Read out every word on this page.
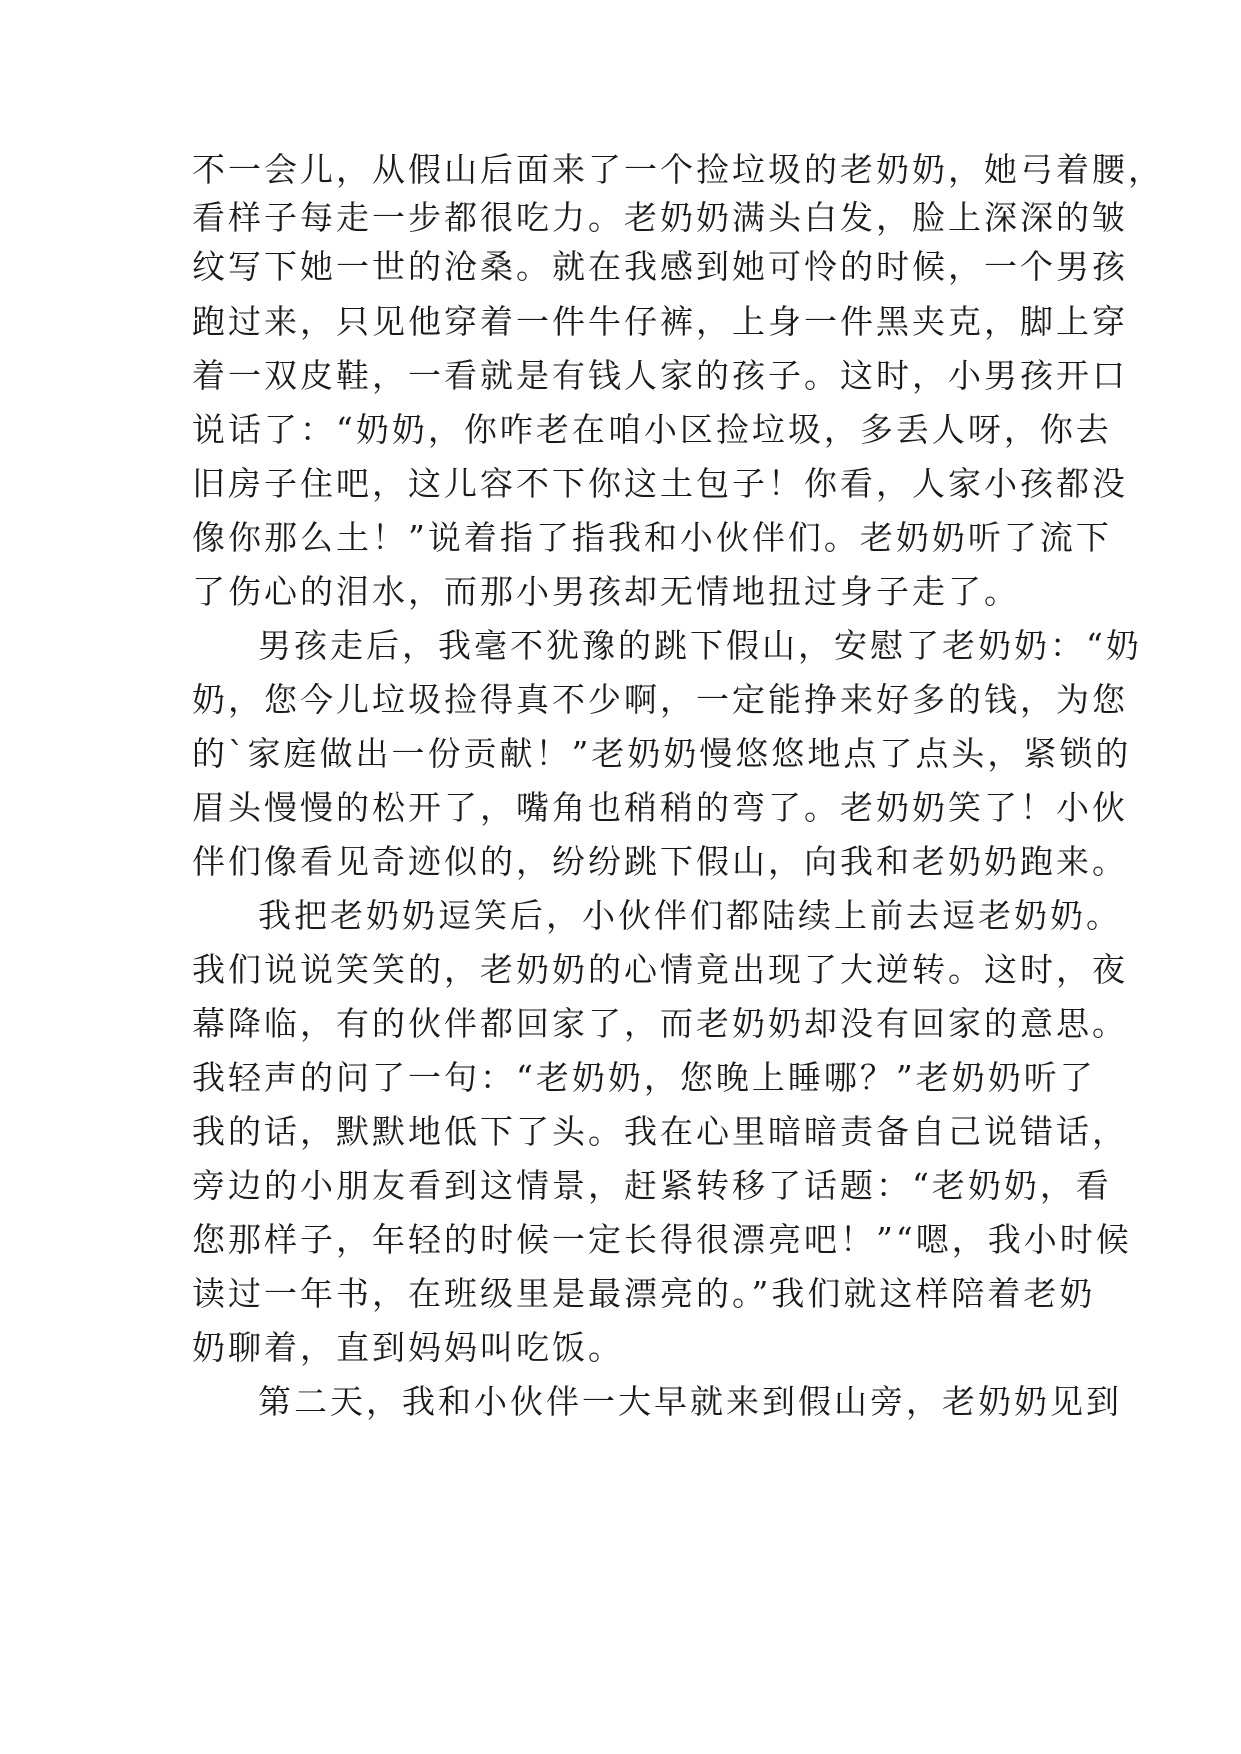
不一会儿，从假山后面来了一个捡垃圾的老奶奶，她弓着腰，
看样子每走一步都很吃力。老奶奶满头白发，脸上深深的皱
纹写下她一世的沧桑。就在我感到她可怜的时候，一个男孩
跑过来，只见他穿着一件牛仔裤，上身一件黑夹克，脚上穿
着一双皮鞋，一看就是有钱人家的孩子。这时，小男孩开口
说话了：“奶奶，你咋老在咱小区捡垃圾，多丢人呀，你去
旧房子住吧，这儿容不下你这土包子！你看，人家小孩都没
像你那么土！”说着指了指我和小伙伴们。老奶奶听了流下
了伤心的泪水，而那小男孩却无情地扭过身子走了。
男孩走后，我毫不犹豫的跳下假山，安慰了老奶奶：“奶
奶，您今儿垃圾捡得真不少啊，一定能挣来好多的钱，为您
的`家庭做出一份贡献！”老奶奶慢悠悠地点了点头，紧锁的
眉头慢慢的松开了，嘴角也稍稍的弯了。老奶奶笑了！小伙
伴们像看见奇迹似的，纷纷跳下假山，向我和老奶奶跑来。
我把老奶奶逗笑后，小伙伴们都陆续上前去逗老奶奶。
我们说说笑笑的，老奶奶的心情竟出现了大逆转。这时，夜
幕降临，有的伙伴都回家了，而老奶奶却没有回家的意思。
我轻声的问了一句：“老奶奶，您晚上睡哪？”老奶奶听了
我的话，默默地低下了头。我在心里暗暗责备自己说错话，
旁边的小朋友看到这情景，赶紧转移了话题：“老奶奶，看
您那样子，年轻的时候一定长得很漂亮吧！”“嗯，我小时候
读过一年书，在班级里是最漂亮的。”我们就这样陪着老奶
奶聊着，直到妈妈叫吃饭。
第二天，我和小伙伴一大早就来到假山旁，老奶奶见到
